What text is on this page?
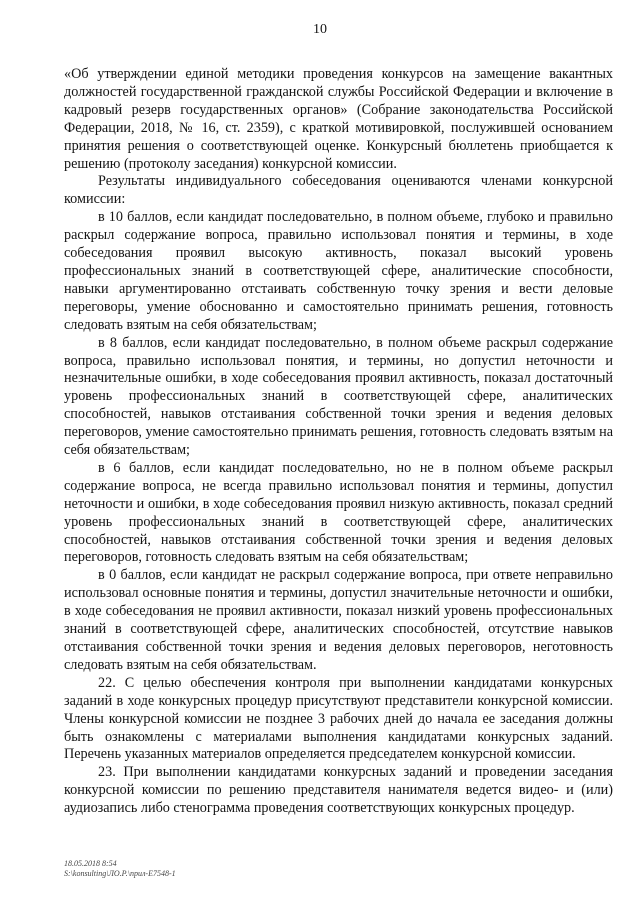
10

«Об утверждении единой методики проведения конкурсов на замещение вакантных должностей государственной гражданской службы Российской Федерации и включение в кадровый резерв государственных органов» (Собрание законодательства Российской Федерации, 2018, № 16, ст. 2359), с краткой мотивировкой, послужившей основанием принятия решения о соответствующей оценке. Конкурсный бюллетень приобщается к решению (протоколу заседания) конкурсной комиссии.

Результаты индивидуального собеседования оцениваются членами конкурсной комиссии:

в 10 баллов, если кандидат последовательно, в полном объеме, глубоко и правильно раскрыл содержание вопроса, правильно использовал понятия и термины, в ходе собеседования проявил высокую активность, показал высокий уровень профессиональных знаний в соответствующей сфере, аналитические способности, навыки аргументированно отстаивать собственную точку зрения и вести деловые переговоры, умение обоснованно и самостоятельно принимать решения, готовность следовать взятым на себя обязательствам;

в 8 баллов, если кандидат последовательно, в полном объеме раскрыл содержание вопроса, правильно использовал понятия, и термины, но допустил неточности и незначительные ошибки, в ходе собеседования проявил активность, показал достаточный уровень профессиональных знаний в соответствующей сфере, аналитических способностей, навыков отстаивания собственной точки зрения и ведения деловых переговоров, умение самостоятельно принимать решения, готовность следовать взятым на себя обязательствам;

в 6 баллов, если кандидат последовательно, но не в полном объеме раскрыл содержание вопроса, не всегда правильно использовал понятия и термины, допустил неточности и ошибки, в ходе собеседования проявил низкую активность, показал средний уровень профессиональных знаний в соответствующей сфере, аналитических способностей, навыков отстаивания собственной точки зрения и ведения деловых переговоров, готовность следовать взятым на себя обязательствам;

в 0 баллов, если кандидат не раскрыл содержание вопроса, при ответе неправильно использовал основные понятия и термины, допустил значительные неточности и ошибки, в ходе собеседования не проявил активности, показал низкий уровень профессиональных знаний в соответствующей сфере, аналитических способностей, отсутствие навыков отстаивания собственной точки зрения и ведения деловых переговоров, неготовность следовать взятым на себя обязательствам.

22. С целью обеспечения контроля при выполнении кандидатами конкурсных заданий в ходе конкурсных процедур присутствуют представители конкурсной комиссии. Члены конкурсной комиссии не позднее 3 рабочих дней до начала ее заседания должны быть ознакомлены с материалами выполнения кандидатами конкурсных заданий. Перечень указанных материалов определяется председателем конкурсной комиссии.

23. При выполнении кандидатами конкурсных заданий и проведении заседания конкурсной комиссии по решению представителя нанимателя ведется видео- и (или) аудиозапись либо стенограмма проведения соответствующих конкурсных процедур.

18.05.2018 8:54
S:\konsulting\ЛО.Р.\прил-Е7548-1
